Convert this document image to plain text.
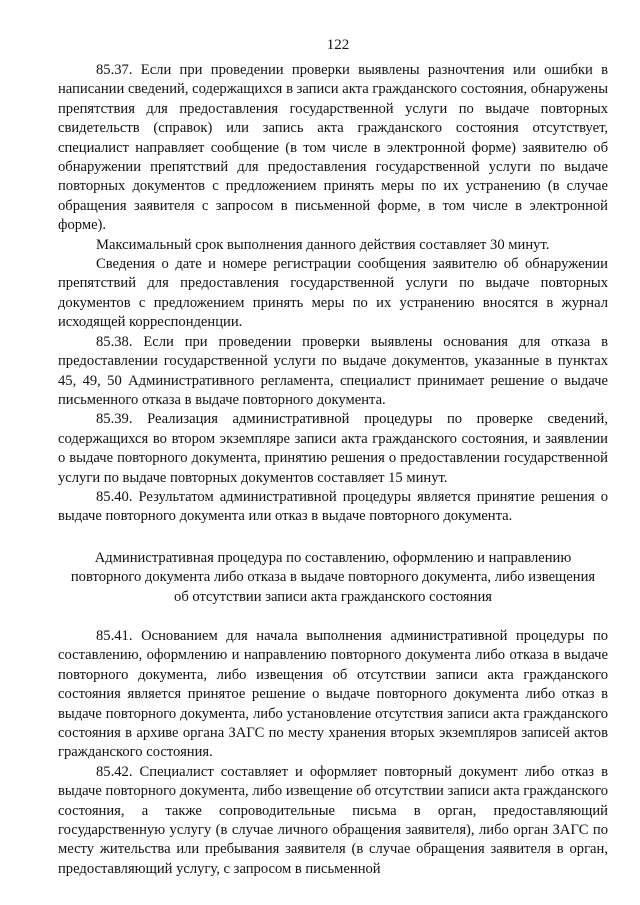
122

85.37. Если при проведении проверки выявлены разночтения или ошибки в написании сведений, содержащихся в записи акта гражданского состояния, обнаружены препятствия для предоставления государственной услуги по выдаче повторных свидетельств (справок) или запись акта гражданского состояния отсутствует, специалист направляет сообщение (в том числе в электронной форме) заявителю об обнаружении препятствий для предоставления государственной услуги по выдаче повторных документов с предложением принять меры по их устранению (в случае обращения заявителя с запросом в письменной форме, в том числе в электронной форме).

Максимальный срок выполнения данного действия составляет 30 минут.

Сведения о дате и номере регистрации сообщения заявителю об обнаружении препятствий для предоставления государственной услуги по выдаче повторных документов с предложением принять меры по их устранению вносятся в журнал исходящей корреспонденции.

85.38. Если при проведении проверки выявлены основания для отказа в предоставлении государственной услуги по выдаче документов, указанные в пунктах 45, 49, 50 Административного регламента, специалист принимает решение о выдаче письменного отказа в выдаче повторного документа.

85.39. Реализация административной процедуры по проверке сведений, содержащихся во втором экземпляре записи акта гражданского состояния, и заявлении о выдаче повторного документа, принятию решения о предоставлении государственной услуги по выдаче повторных документов составляет 15 минут.

85.40. Результатом административной процедуры является принятие решения о выдаче повторного документа или отказ в выдаче повторного документа.

Административная процедура по составлению, оформлению и направлению
повторного документа либо отказа в выдаче повторного документа, либо извещения
об отсутствии записи акта гражданского состояния

85.41. Основанием для начала выполнения административной процедуры по составлению, оформлению и направлению повторного документа либо отказа в выдаче повторного документа, либо извещения об отсутствии записи акта гражданского состояния является принятое решение о выдаче повторного документа либо отказ в выдаче повторного документа, либо установление отсутствия записи акта гражданского состояния в архиве органа ЗАГС по месту хранения вторых экземпляров записей актов гражданского состояния.

85.42. Специалист составляет и оформляет повторный документ либо отказ в выдаче повторного документа, либо извещение об отсутствии записи акта гражданского состояния, а также сопроводительные письма в орган, предоставляющий государственную услугу (в случае личного обращения заявителя), либо орган ЗАГС по месту жительства или пребывания заявителя (в случае обращения заявителя в орган, предоставляющий услугу, с запросом в письменной
